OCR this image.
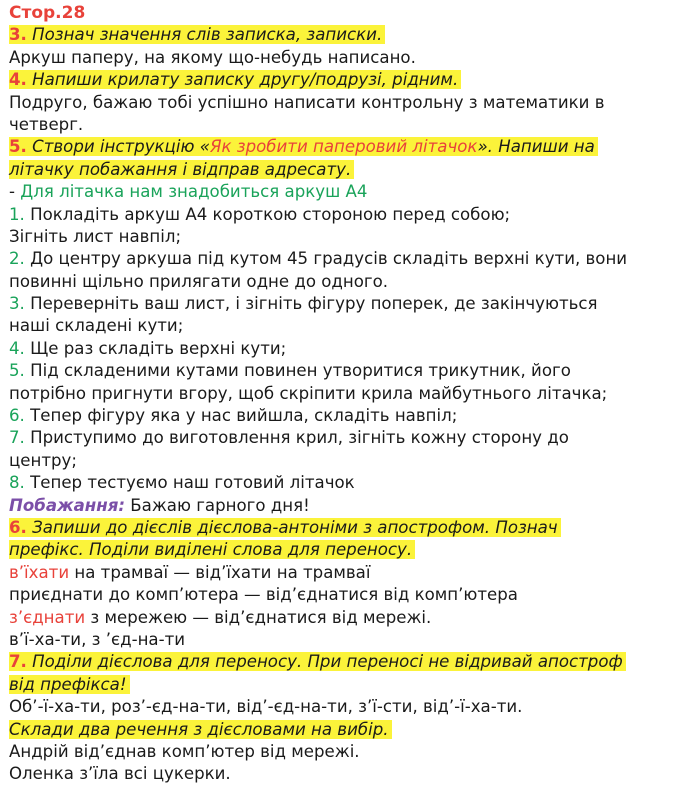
Стор.28
3. Познач значення слів записка, записки.
Аркуш паперу, на якому що-небудь написано.
4. Напиши крилату записку другу/подрузі, рідним.
Подруго, бажаю тобі успішно написати контрольну з математики в
четверг.
5. Створи інструкцію «Як зробити паперовий літачок». Напиши на
літачку побажання і відправ адресату.
- Для літачка нам знадобиться аркуш А4
1. Покладіть аркуш А4 короткою стороною перед собою;
Зігніть лист навпіл;
2. До центру аркуша під кутом 45 градусів складіть верхні кути, вони
повинні щільно прилягати одне до одного.
3. Переверніть ваш лист, і зігніть фігуру поперек, де закінчуються
наші складені кути;
4. Ще раз складіть верхні кути;
5. Під складеними кутами повинен утворитися трикутник, його
потрібно пригнути вгору, щоб скріпити крила майбутнього літачка;
6. Тепер фігуру яка у нас вийшла, складіть навпіл;
7. Приступимо до виготовлення крил, зігніть кожну сторону до
центру;
8. Тепер тестуємо наш готовий літачок
Побажання: Бажаю гарного дня!
6. Запиши до дієслів дієслова-антоніми з апострофом. Познач
префікс. Поділи виділені слова для переносу.
в’їхати на трамваї — від’їхати на трамваї
приєднати до комп’ютера — від’єднатися від комп’ютера
з’єднати з мережею — від’єднатися від мережі.
в’ї-ха-ти, з ’єд-на-ти
7. Поділи дієслова для переносу. При переносі не відривай апостроф
від префікса!
Об’-ї-ха-ти, роз’-єд-на-ти, від’-єд-на-ти, з’ї-сти, від’-ї-ха-ти.
Склади два речення з дієсловами на вибір.
Андрій від’єднав комп’ютер від мережі.
Оленка з’їла всі цукерки.
